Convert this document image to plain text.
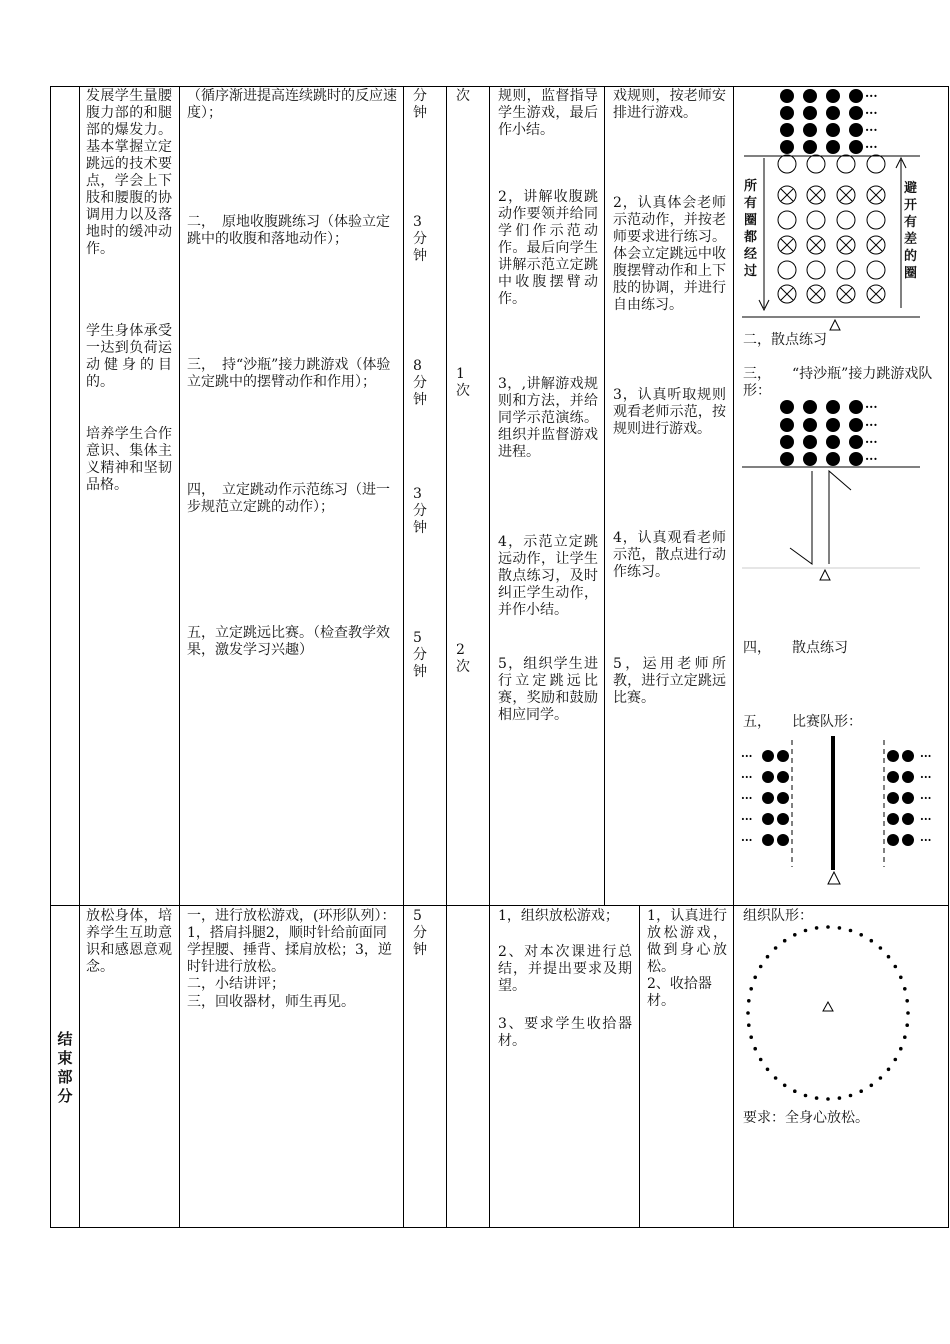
发展学生量腰腹力部的和腿部的爆发力。基本掌握立定跳远的技术要点，学会上下肢和腰腹的协调用力以及落地时的缓冲动作。
学生身体承受一达到负荷运动健身的目的。
培养学生合作意识、集体主义精神和坚韧品格。
（循序渐进提高连续跳时的反应速度）；
二，　原地收腹跳练习（体验立定跳中的收腹和落地动作）；
三，　持“沙瓶”接力跳游戏（体验立定跳中的摆臂动作和作用）；
四，　立定跳动作示范练习（进一步规范立定跳的动作）；
五，立定跳远比赛。（检查教学效果，激发学习兴趣）
分钟
3分钟
8分钟
3分钟
5分钟
次
1次
2次
规则，监督指导学生游戏，最后作小结。
2，讲解收腹跳动作要领并给同学们作示范动作。最后向学生讲解示范立定跳中收腹摆臂动作。
3，,讲解游戏规则和方法，并给同学示范演练。组织并监督游戏进程。
4，示范立定跳远动作，让学生散点练习，及时纠正学生动作，并作小结。
5，组织学生进行立定跳远比赛，奖励和鼓励相应同学。
戏规则，按老师安排进行游戏。
2，认真体会老师示范动作，并按老师要求进行练习。体会立定跳远中收腹摆臂动作和上下肢的协调，并进行自由练习。
3，认真听取规则观看老师示范，按规则进行游戏。
4，认真观看老师示范，散点进行动作练习。
5，运用老师所教，进行立定跳远比赛。
···
···
···
···
所有圈都经过
避开有差的圈
二，散点练习
三，　　“持沙瓶”接力跳游戏队形：
···
···
···
···
四，　　散点练习
五，　　比赛队形：
···
···
···
···
···
···
···
···
···
···
结束部分
放松身体，培养学生互助意识和感恩意观念。
一，进行放松游戏，(环形队列）：1，搭肩抖腿2，顺时针给前面同学捏腰、捶背、揉肩放松；3，逆时针进行放松。
二，小结讲评；
三，回收器材，师生再见。
5分钟
1，组织放松游戏；
2、对本次课进行总结，并提出要求及期望。
3、要求学生收拾器材。
1，认真进行放松游戏，做到身心放松。
2、收拾器材。
组织队形：
要求：全身心放松。
